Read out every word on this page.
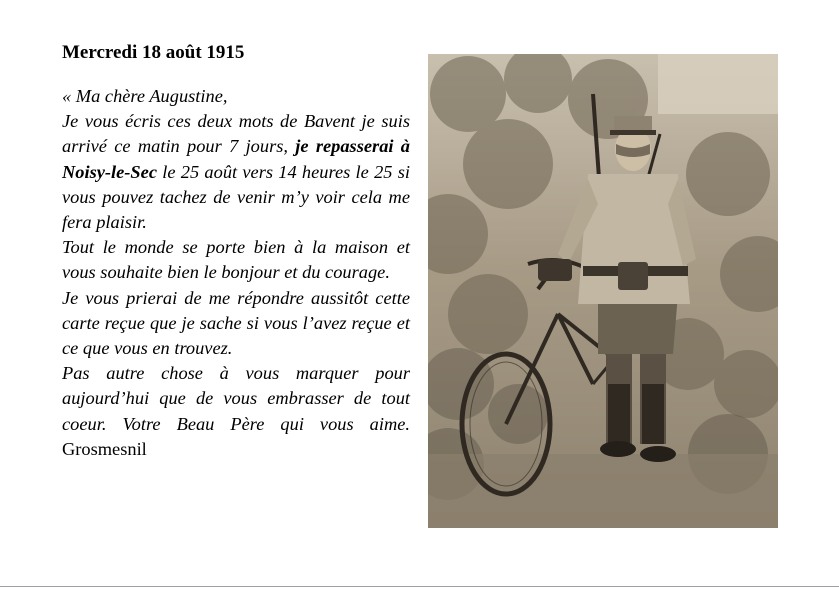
Mercredi 18 août 1915

« Ma chère Augustine,

Je vous écris ces deux mots de Bavent je suis arrivé ce matin pour 7 jours, je repasserai à Noisy-le-Sec le 25 août vers 14 heures le 25 si vous pouvez tachez de venir m’y voir cela me fera plaisir.

Tout le monde se porte bien à la maison et vous souhaite bien le bonjour et du courage.

Je vous prierai de me répondre aussitôt cette carte reçue que je sache si vous l’avez reçue et ce que vous en trouvez.

Pas autre chose à vous marquer pour aujourd’hui que de vous embrasser de tout coeur. Votre Beau Père qui vous aime. Grosmesnil
